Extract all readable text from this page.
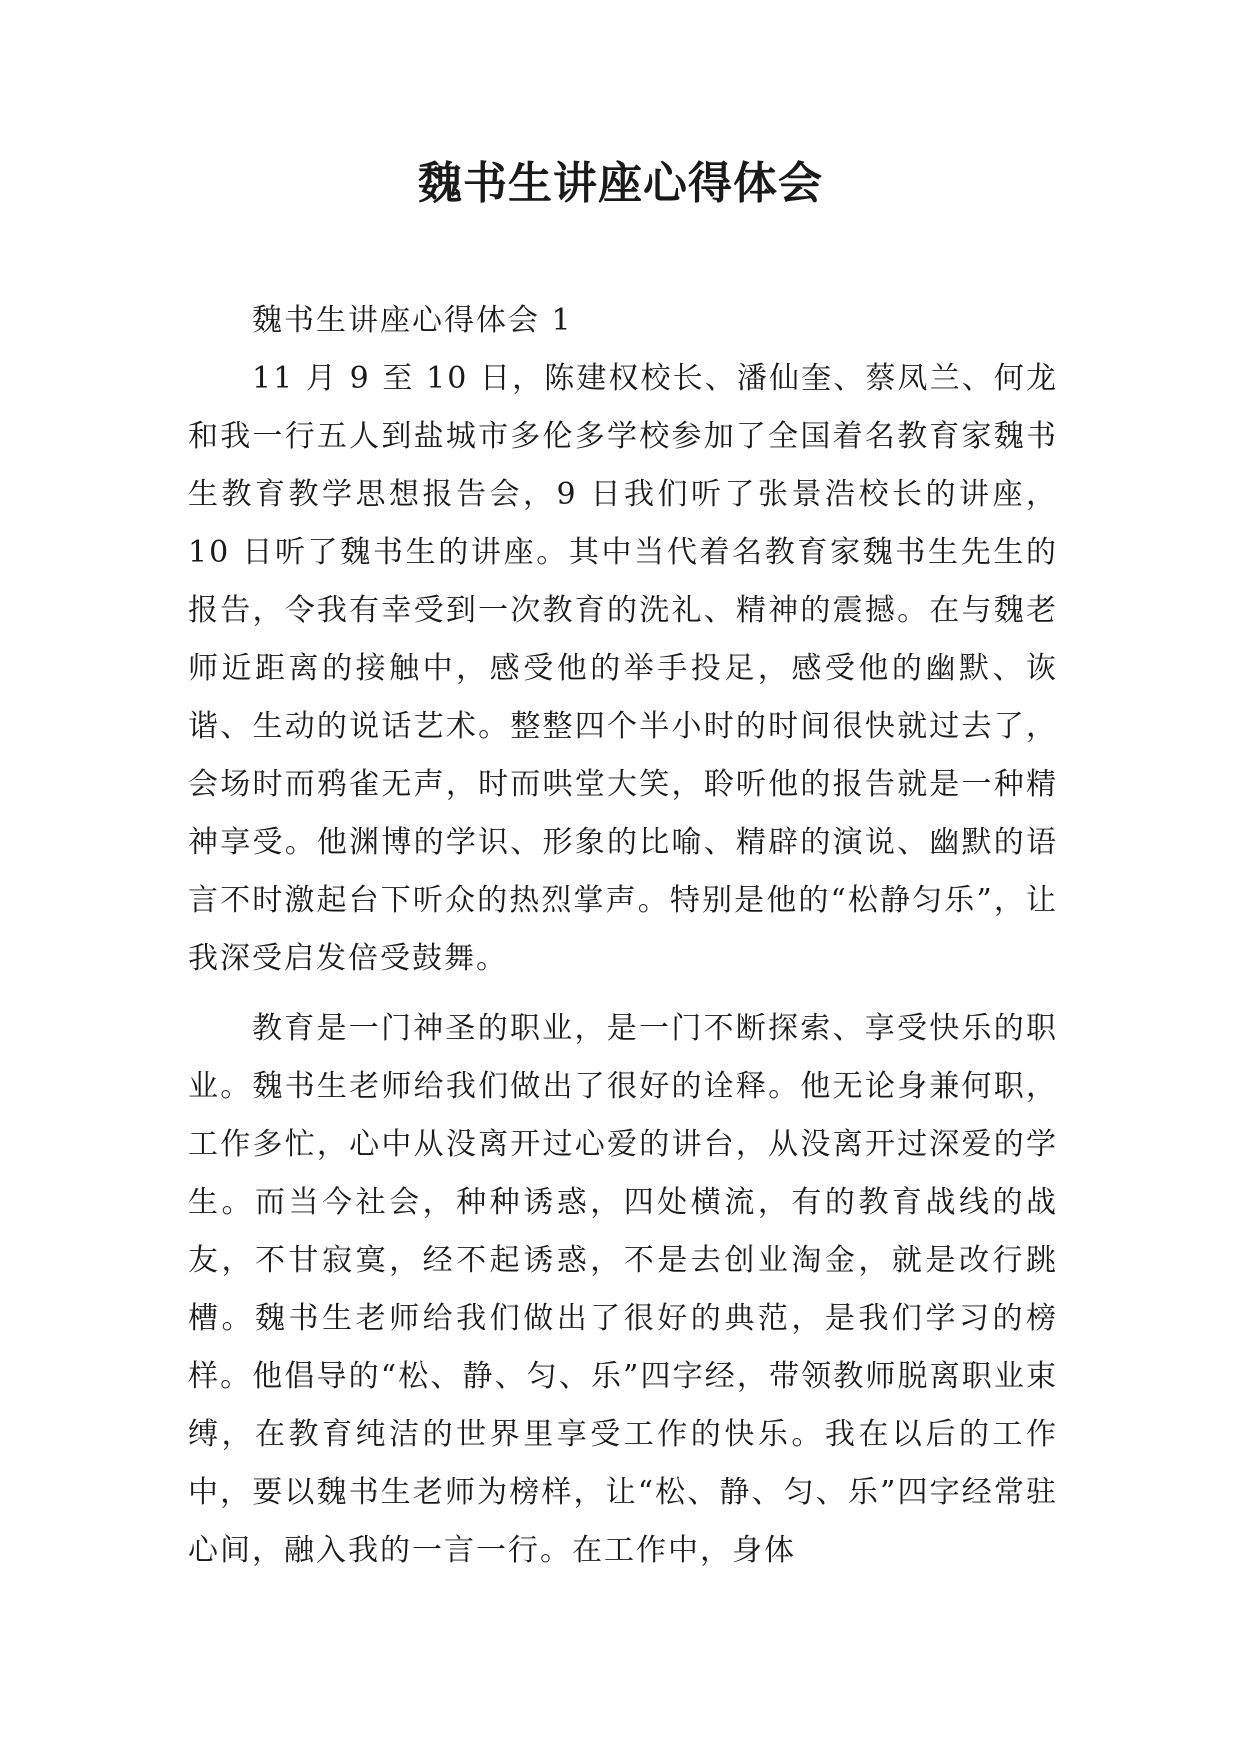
魏书生讲座心得体会
魏书生讲座心得体会 1

11 月 9 至 10 日，陈建权校长、潘仙奎、蔡凤兰、何龙和我一行五人到盐城市多伦多学校参加了全国着名教育家魏书生教育教学思想报告会，9 日我们听了张景浩校长的讲座，10 日听了魏书生的讲座。其中当代着名教育家魏书生先生的报告，令我有幸受到一次教育的洗礼、精神的震撼。在与魏老师近距离的接触中，感受他的举手投足，感受他的幽默、诙谐、生动的说话艺术。整整四个半小时的时间很快就过去了，会场时而鸦雀无声，时而哄堂大笑，聆听他的报告就是一种精神享受。他渊博的学识、形象的比喻、精辟的演说、幽默的语言不时激起台下听众的热烈掌声。特别是他的“松静匀乐”，让我深受启发倍受鼓舞。

教育是一门神圣的职业，是一门不断探索、享受快乐的职业。魏书生老师给我们做出了很好的诠释。他无论身兼何职，工作多忙，心中从没离开过心爱的讲台，从没离开过深爱的学生。而当今社会，种种诱惑，四处横流，有的教育战线的战友，不甘寂寞，经不起诱惑，不是去创业淘金，就是改行跳槽。魏书生老师给我们做出了很好的典范，是我们学习的榜样。他倡导的“松、静、匀、乐”四字经，带领教师脱离职业束缚，在教育纯洁的世界里享受工作的快乐。我在以后的工作中，要以魏书生老师为榜样，让“松、静、匀、乐”四字经常驻心间，融入我的一言一行。在工作中，身体
